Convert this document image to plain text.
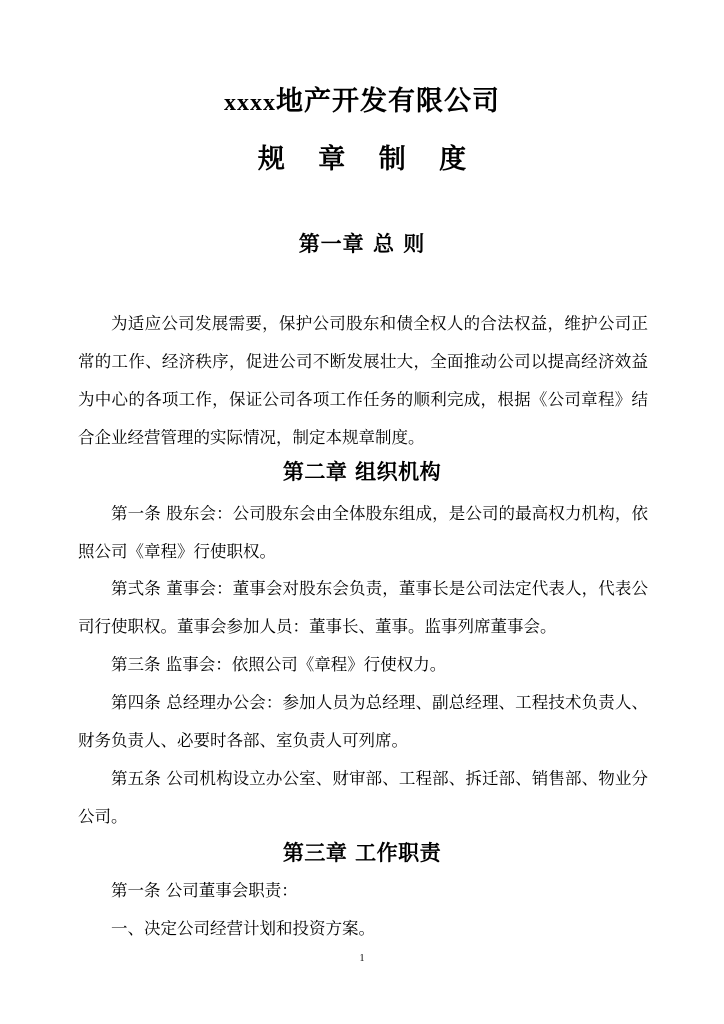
xxxx地产开发有限公司
规 章 制 度
第一章 总 则

为适应公司发展需要，保护公司股东和债全权人的合法权益，维护公司正常的工作、经济秩序，促进公司不断发展壮大，全面推动公司以提高经济效益为中心的各项工作，保证公司各项工作任务的顺利完成，根据《公司章程》结合企业经营管理的实际情况，制定本规章制度。

第二章 组织机构

第一条 股东会：公司股东会由全体股东组成，是公司的最高权力机构，依照公司《章程》行使职权。

第弍条 董事会：董事会对股东会负责，董事长是公司法定代表人，代表公司行使职权。董事会参加人员：董事长、董事。监事列席董事会。

第三条 监事会：依照公司《章程》行使权力。

第四条 总经理办公会：参加人员为总经理、副总经理、工程技术负责人、财务负责人、必要时各部、室负责人可列席。

第五条 公司机构设立办公室、财审部、工程部、拆迁部、销售部、物业分公司。

第三章 工作职责

第一条 公司董事会职责：

一、决定公司经营计划和投资方案。

1
